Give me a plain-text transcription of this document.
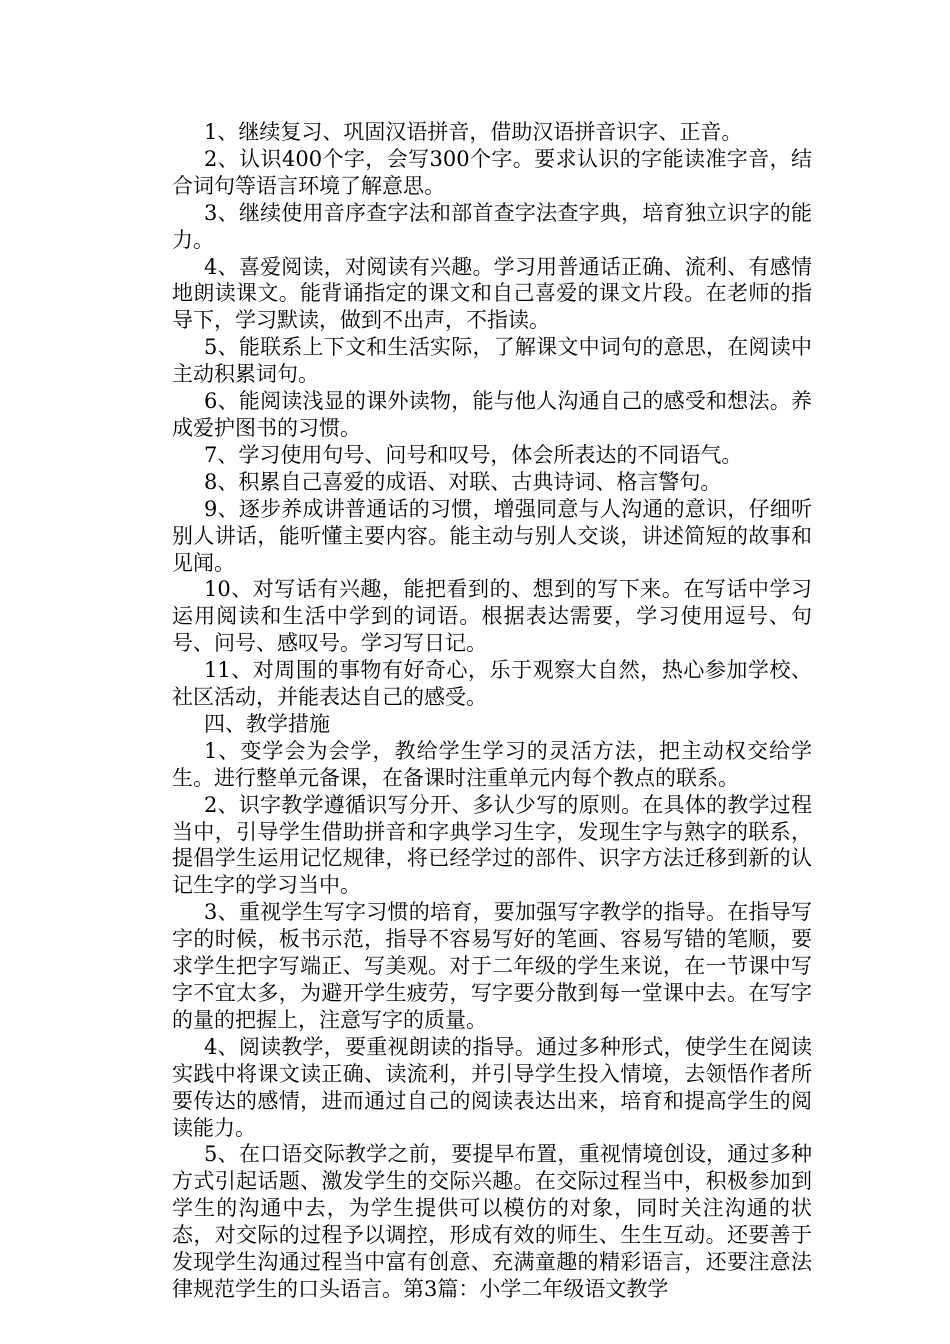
1、继续复习、巩固汉语拼音，借助汉语拼音识字、正音。

2、认识400个字，会写300个字。要求认识的字能读准字音，结合词句等语言环境了解意思。

3、继续使用音序查字法和部首查字法查字典，培育独立识字的能力。

4、喜爱阅读，对阅读有兴趣。学习用普通话正确、流利、有感情地朗读课文。能背诵指定的课文和自己喜爱的课文片段。在老师的指导下，学习默读，做到不出声，不指读。

5、能联系上下文和生活实际，了解课文中词句的意思，在阅读中主动积累词句。

6、能阅读浅显的课外读物，能与他人沟通自己的感受和想法。养成爱护图书的习惯。

7、学习使用句号、问号和叹号，体会所表达的不同语气。

8、积累自己喜爱的成语、对联、古典诗词、格言警句。

9、逐步养成讲普通话的习惯，增强同意与人沟通的意识，仔细听别人讲话，能听懂主要内容。能主动与别人交谈，讲述简短的故事和见闻。

10、对写话有兴趣，能把看到的、想到的写下来。在写话中学习运用阅读和生活中学到的词语。根据表达需要，学习使用逗号、句号、问号、感叹号。学习写日记。

11、对周围的事物有好奇心，乐于观察大自然，热心参加学校、社区活动，并能表达自己的感受。

四、教学措施

1、变学会为会学，教给学生学习的灵活方法，把主动权交给学生。进行整单元备课，在备课时注重单元内每个教点的联系。

2、识字教学遵循识写分开、多认少写的原则。在具体的教学过程当中，引导学生借助拼音和字典学习生字，发现生字与熟字的联系，提倡学生运用记忆规律，将已经学过的部件、识字方法迁移到新的认记生字的学习当中。

3、重视学生写字习惯的培育，要加强写字教学的指导。在指导写字的时候，板书示范，指导不容易写好的笔画、容易写错的笔顺，要求学生把字写端正、写美观。对于二年级的学生来说，在一节课中写字不宜太多，为避开学生疲劳，写字要分散到每一堂课中去。在写字的量的把握上，注意写字的质量。

4、阅读教学，要重视朗读的指导。通过多种形式，使学生在阅读实践中将课文读正确、读流利，并引导学生投入情境，去领悟作者所要传达的感情，进而通过自己的阅读表达出来，培育和提高学生的阅读能力。

5、在口语交际教学之前，要提早布置，重视情境创设，通过多种方式引起话题、激发学生的交际兴趣。在交际过程当中，积极参加到学生的沟通中去，为学生提供可以模仿的对象，同时关注沟通的状态，对交际的过程予以调控，形成有效的师生、生生互动。还要善于发现学生沟通过程当中富有创意、充满童趣的精彩语言，还要注意法律规范学生的口头语言。第3篇：小学二年级语文教学
